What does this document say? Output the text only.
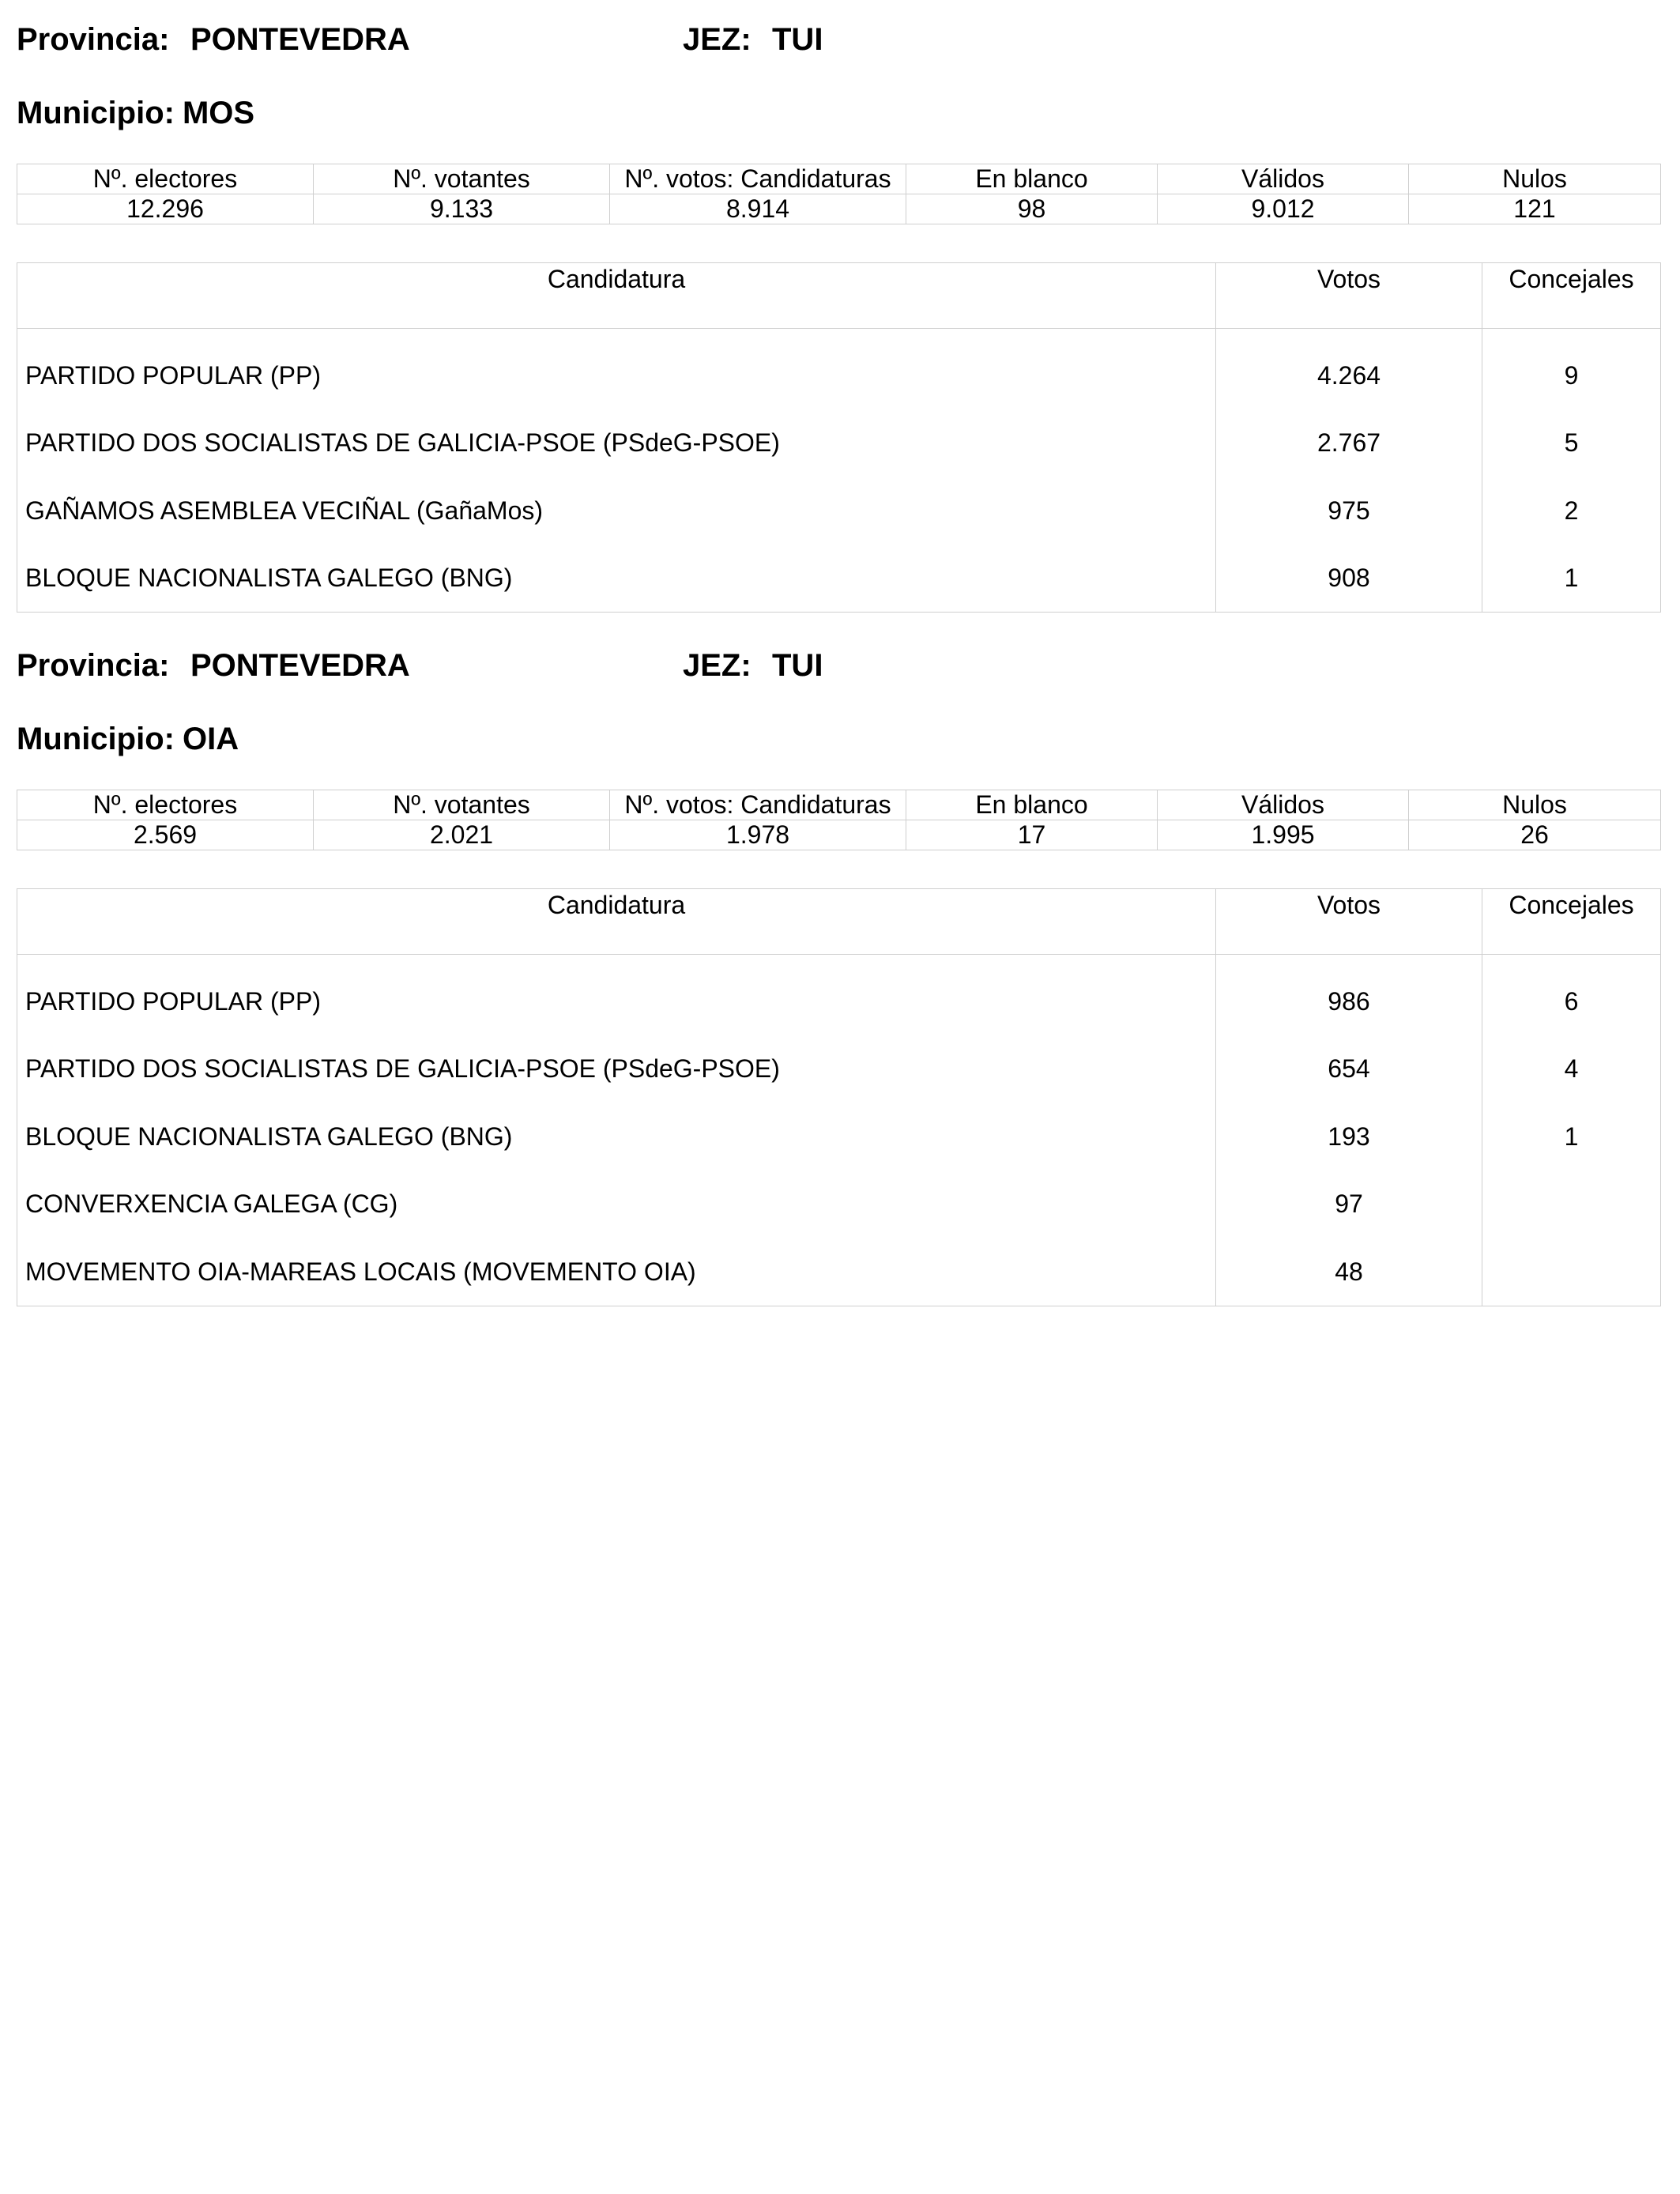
Provincia: PONTEVEDRA	JEZ: TUI
Municipio: MOS
Nº. electores	Nº. votantes	Nº. votos: Candidaturas	En blanco	Válidos	Nulos
12.296	9.133	8.914	98	9.012	121
Candidatura	Votos	Concejales
PARTIDO POPULAR (PP)	4.264	9
PARTIDO DOS SOCIALISTAS DE GALICIA-PSOE (PSdeG-PSOE)	2.767	5
GAÑAMOS ASEMBLEA VECIÑAL (GañaMos)	975	2
BLOQUE NACIONALISTA GALEGO (BNG)	908	1
Provincia: PONTEVEDRA	JEZ: TUI
Municipio: OIA
Nº. electores	Nº. votantes	Nº. votos: Candidaturas	En blanco	Válidos	Nulos
2.569	2.021	1.978	17	1.995	26
Candidatura	Votos	Concejales
PARTIDO POPULAR (PP)	986	6
PARTIDO DOS SOCIALISTAS DE GALICIA-PSOE (PSdeG-PSOE)	654	4
BLOQUE NACIONALISTA GALEGO (BNG)	193	1
CONVERXENCIA GALEGA (CG)	97	
MOVEMENTO OIA-MAREAS LOCAIS (MOVEMENTO OIA)	48	
